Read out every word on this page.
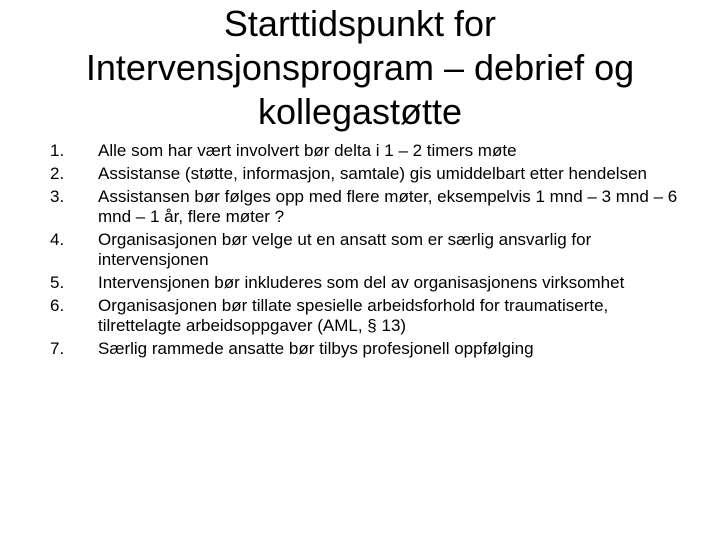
Starttidspunkt for
Intervensjonsprogram – debrief og
kollegastøtte
1.	Alle som har vært involvert bør delta i 1 – 2 timers møte
2.	Assistanse (støtte, informasjon, samtale) gis umiddelbart etter hendelsen
3.	Assistansen bør følges opp med flere møter, eksempelvis 1 mnd – 3 mnd – 6 mnd – 1 år, flere møter ?
4.	Organisasjonen bør velge ut en ansatt som er særlig ansvarlig for intervensjonen
5.	Intervensjonen bør inkluderes som del av organisasjonens virksomhet
6.	Organisasjonen bør tillate spesielle arbeidsforhold for traumatiserte, tilrettelagte arbeidsoppgaver (AML, § 13)
7.	Særlig rammede ansatte bør tilbys profesjonell oppfølging
